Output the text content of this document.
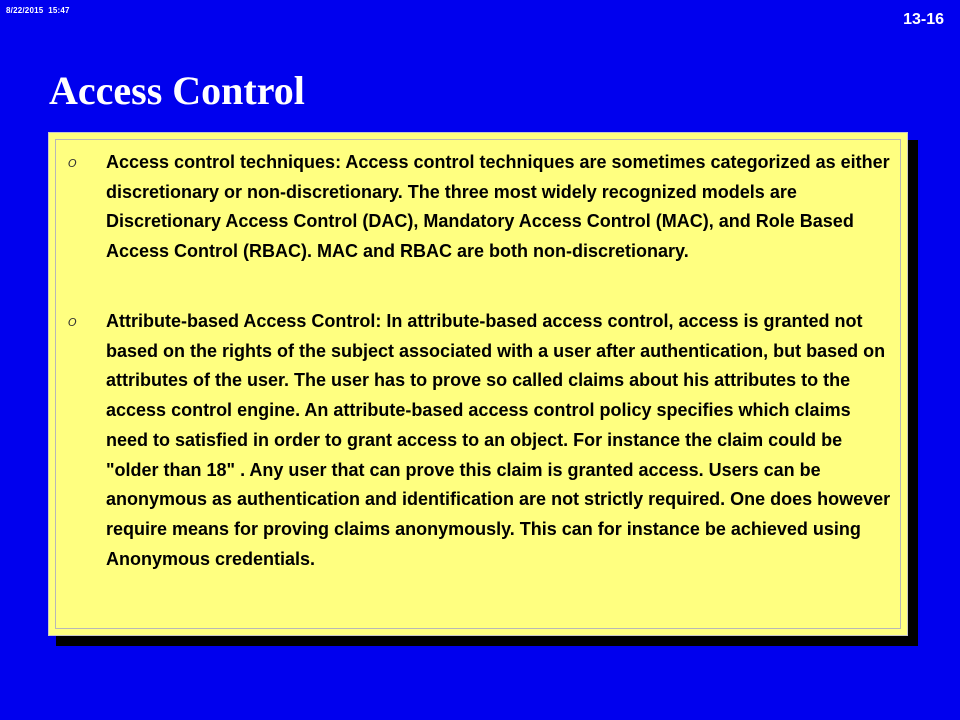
8/22/2015  15:47
13-16
Access Control
O Access control techniques: Access control techniques are sometimes categorized as either discretionary or non-discretionary. The three most widely recognized models are Discretionary Access Control (DAC), Mandatory Access Control (MAC), and Role Based Access Control (RBAC). MAC and RBAC are both non-discretionary.

O Attribute-based Access Control: In attribute-based access control, access is granted not based on the rights of the subject associated with a user after authentication, but based on attributes of the user. The user has to prove so called claims about his attributes to the access control engine. An attribute-based access control policy specifies which claims need to satisfied in order to grant access to an object. For instance the claim could be "older than 18" . Any user that can prove this claim is granted access. Users can be anonymous as authentication and identification are not strictly required. One does however require means for proving claims anonymously. This can for instance be achieved using Anonymous credentials.
